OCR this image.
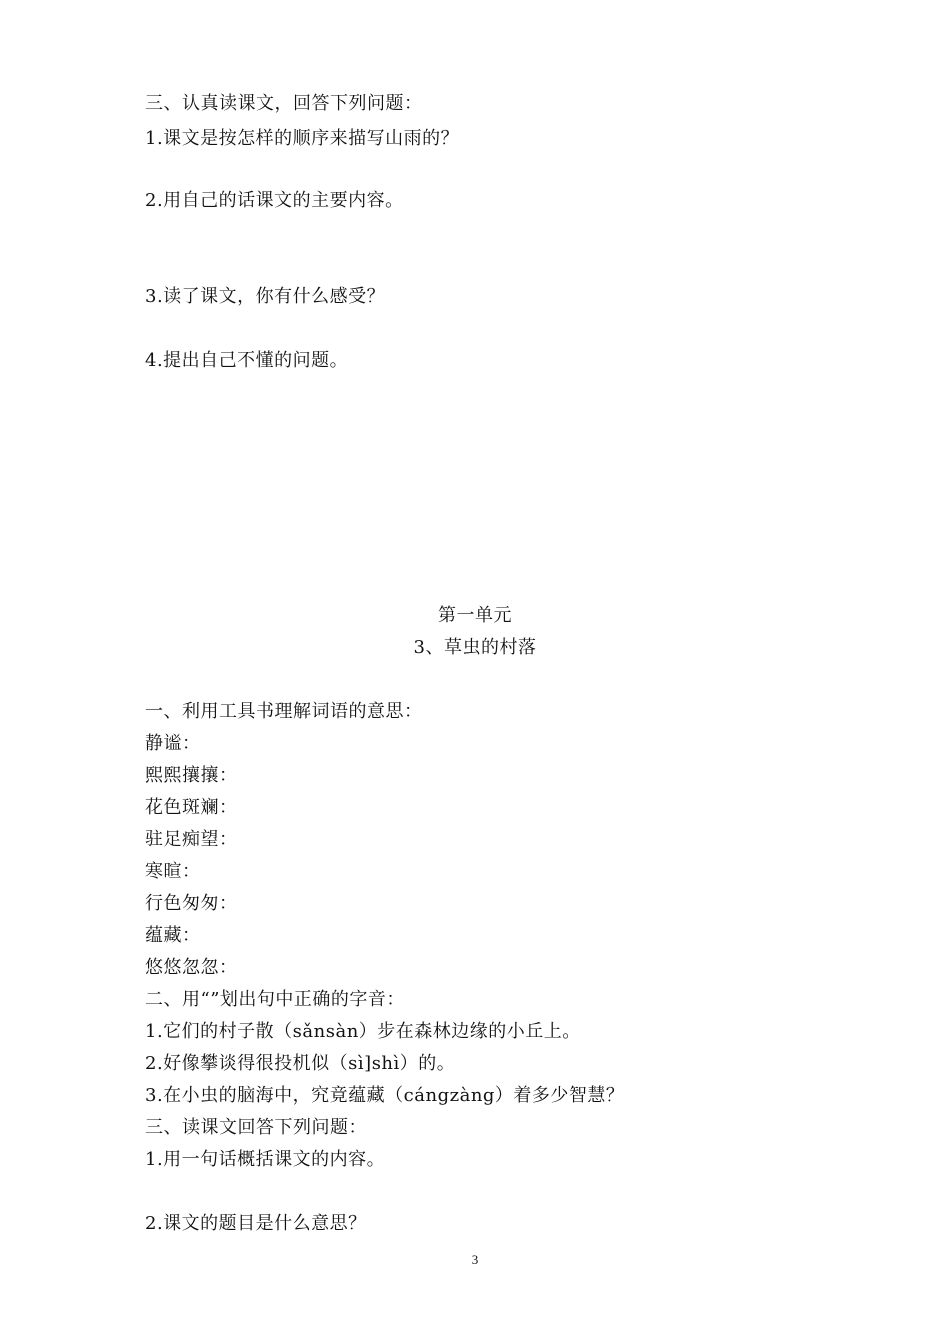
三、认真读课文，回答下列问题：
1.课文是按怎样的顺序来描写山雨的？
2.用自己的话课文的主要内容。
3.读了课文，你有什么感受？
4.提出自己不懂的问题。
第一单元
3、草虫的村落
一、利用工具书理解词语的意思：
静谧：
熙熙攘攘：
花色斑斓：
驻足痴望：
寒暄：
行色匆匆：
蕴藏：
悠悠忽忽：
二、用“”划出句中正确的字音：
1.它们的村子散（sǎnsàn）步在森林边缘的小丘上。
2.好像攀谈得很投机似（sì]shì）的。
3.在小虫的脑海中，究竟蕴藏（cángzàng）着多少智慧？
三、读课文回答下列问题：
1.用一句话概括课文的内容。
2.课文的题目是什么意思？
3
